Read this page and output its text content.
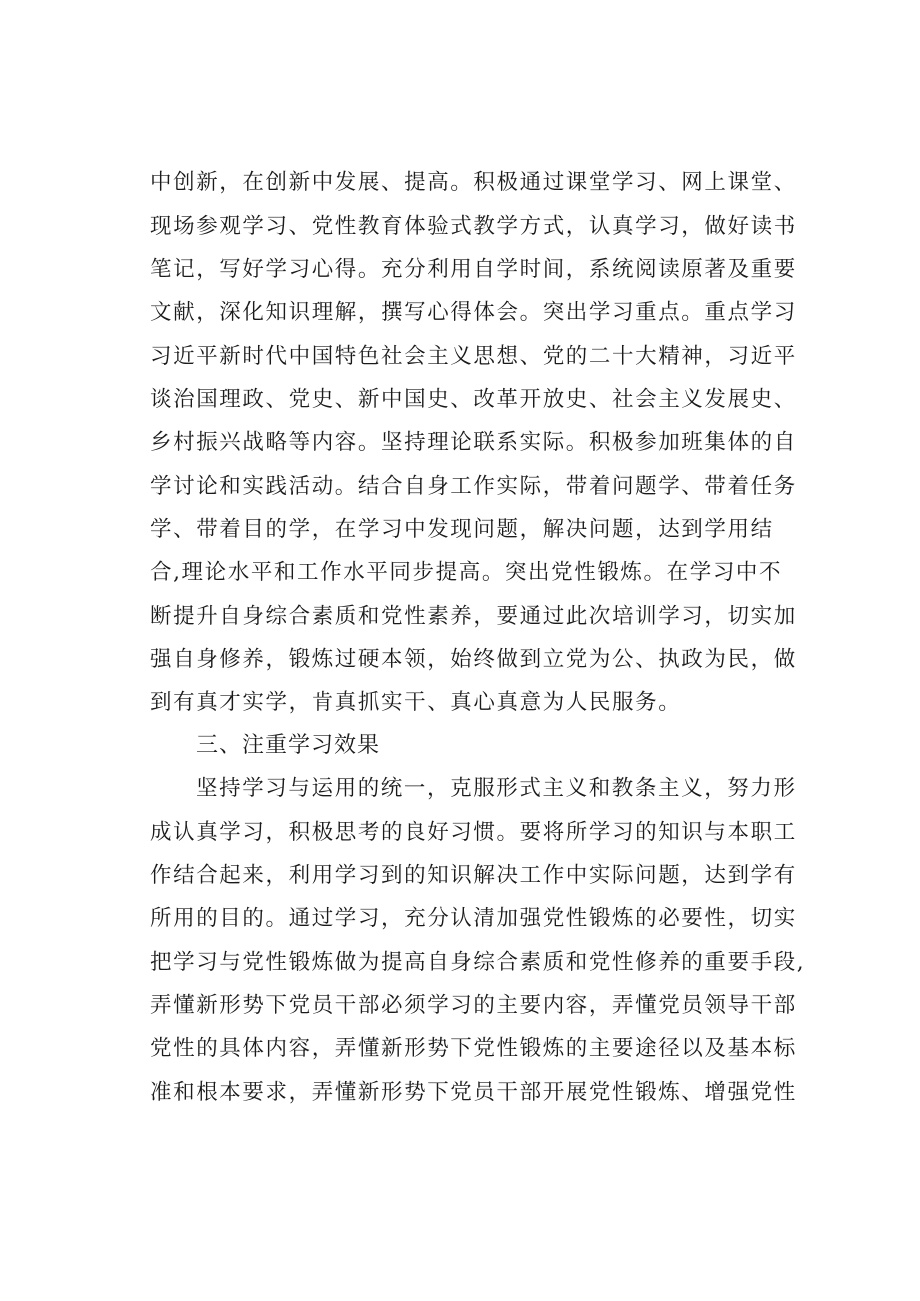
中创新，在创新中发展、提高。积极通过课堂学习、网上课堂、
现场参观学习、党性教育体验式教学方式，认真学习，做好读书
笔记，写好学习心得。充分利用自学时间，系统阅读原著及重要
文献，深化知识理解，撰写心得体会。突出学习重点。重点学习
习近平新时代中国特色社会主义思想、党的二十大精神，习近平
谈治国理政、党史、新中国史、改革开放史、社会主义发展史、
乡村振兴战略等内容。坚持理论联系实际。积极参加班集体的自
学讨论和实践活动。结合自身工作实际，带着问题学、带着任务
学、带着目的学，在学习中发现问题，解决问题，达到学用结
合,理论水平和工作水平同步提高。突出党性锻炼。在学习中不
断提升自身综合素质和党性素养，要通过此次培训学习，切实加
强自身修养，锻炼过硬本领，始终做到立党为公、执政为民，做
到有真才实学，肯真抓实干、真心真意为人民服务。
三、注重学习效果
坚持学习与运用的统一，克服形式主义和教条主义，努力形
成认真学习，积极思考的良好习惯。要将所学习的知识与本职工
作结合起来，利用学习到的知识解决工作中实际问题，达到学有
所用的目的。通过学习，充分认清加强党性锻炼的必要性，切实
把学习与党性锻炼做为提高自身综合素质和党性修养的重要手段,
弄懂新形势下党员干部必须学习的主要内容，弄懂党员领导干部
党性的具体内容，弄懂新形势下党性锻炼的主要途径以及基本标
准和根本要求，弄懂新形势下党员干部开展党性锻炼、增强党性
